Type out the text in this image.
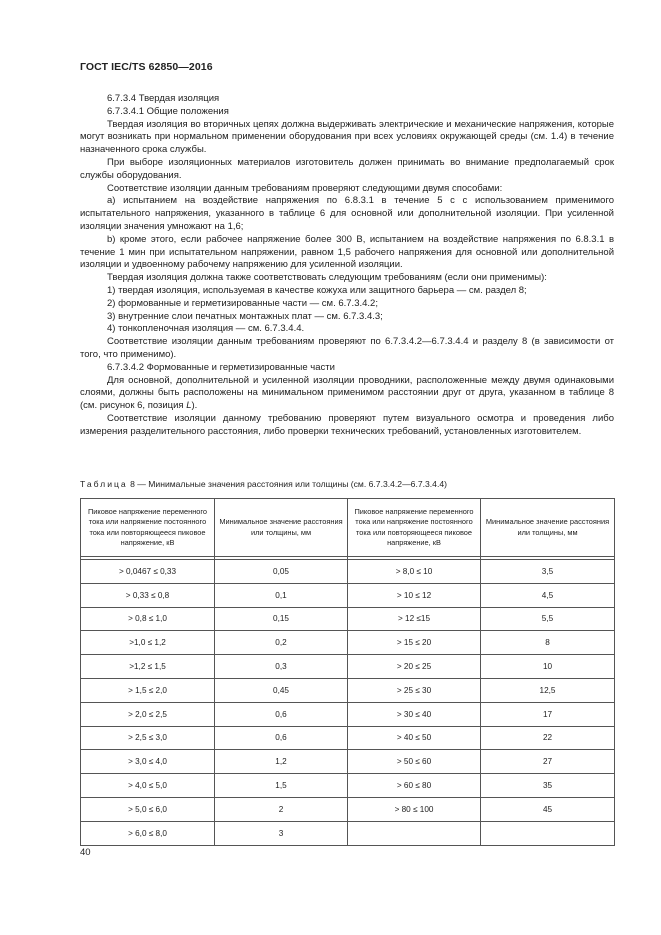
ГОСТ IEC/TS 62850—2016

6.7.3.4 Твердая изоляция

6.7.3.4.1 Общие положения

Твердая изоляция во вторичных цепях должна выдерживать электрические и механические напряжения, которые могут возникать при нормальном применении оборудования при всех условиях окружающей среды (см. 1.4) в течение назначенного срока службы.

При выборе изоляционных материалов изготовитель должен принимать во внимание предполагаемый срок службы оборудования.

Соответствие изоляции данным требованиям проверяют следующими двумя способами:

а) испытанием на воздействие напряжения по 6.8.3.1 в течение 5 с с использованием применимого испытательного напряжения, указанного в таблице 6 для основной или дополнительной изоляции. При усиленной изоляции значения умножают на 1,6;

b) кроме этого, если рабочее напряжение более 300 В, испытанием на воздействие напряжения по 6.8.3.1 в течение 1 мин при испытательном напряжении, равном 1,5 рабочего напряжения для основной или дополнительной изоляции и удвоенному рабочему напряжению для усиленной изоляции.

Твердая изоляция должна также соответствовать следующим требованиям (если они применимы):

1) твердая изоляция, используемая в качестве кожуха или защитного барьера — см. раздел 8;

2) формованные и герметизированные части — см. 6.7.3.4.2;

3) внутренние слои печатных монтажных плат — см. 6.7.3.4.3;

4) тонкопленочная изоляция — см. 6.7.3.4.4.

Соответствие изоляции данным требованиям проверяют по 6.7.3.4.2—6.7.3.4.4 и разделу 8 (в зависимости от того, что применимо).

6.7.3.4.2 Формованные и герметизированные части

Для основной, дополнительной и усиленной изоляции проводники, расположенные между двумя одинаковыми слоями, должны быть расположены на минимальном применимом расстоянии друг от друга, указанном в таблице 8 (см. рисунок 6, позиция L).

Соответствие изоляции данному требованию проверяют путем визуального осмотра и проведения либо измерения разделительного расстояния, либо проверки технических требований, установленных изготовителем.

Таблица 8 — Минимальные значения расстояния или толщины (см. 6.7.3.4.2—6.7.3.4.4)
Пиковое напряжение переменного тока или напряжение постоянного тока или повторяющееся пиковое напряжение, кВ	Минимальное значение расстояния или толщины, мм	Пиковое напряжение переменного тока или напряжение постоянного тока или повторяющееся пиковое напряжение, кВ	Минимальное значение расстояния или толщины, мм

> 0,0467 ≤ 0,33	0,05	> 8,0 ≤ 10	3,5
> 0,33 ≤ 0,8	0,1	> 10 ≤ 12	4,5
> 0,8 ≤ 1,0	0,15	> 12 ≤15	5,5
>1,0 ≤ 1,2	0,2	> 15 ≤ 20	8
>1,2 ≤ 1,5	0,3	> 20 ≤ 25	10
> 1,5 ≤ 2,0	0,45	> 25 ≤ 30	12,5
> 2,0 ≤ 2,5	0,6	> 30 ≤ 40	17
> 2,5 ≤ 3,0	0,6	> 40 ≤ 50	22
> 3,0 ≤ 4,0	1,2	> 50 ≤ 60	27
> 4,0 ≤ 5,0	1,5	> 60 ≤ 80	35
> 5,0 ≤ 6,0	2	> 80 ≤ 100	45
> 6,0 ≤ 8,0	3		
40
